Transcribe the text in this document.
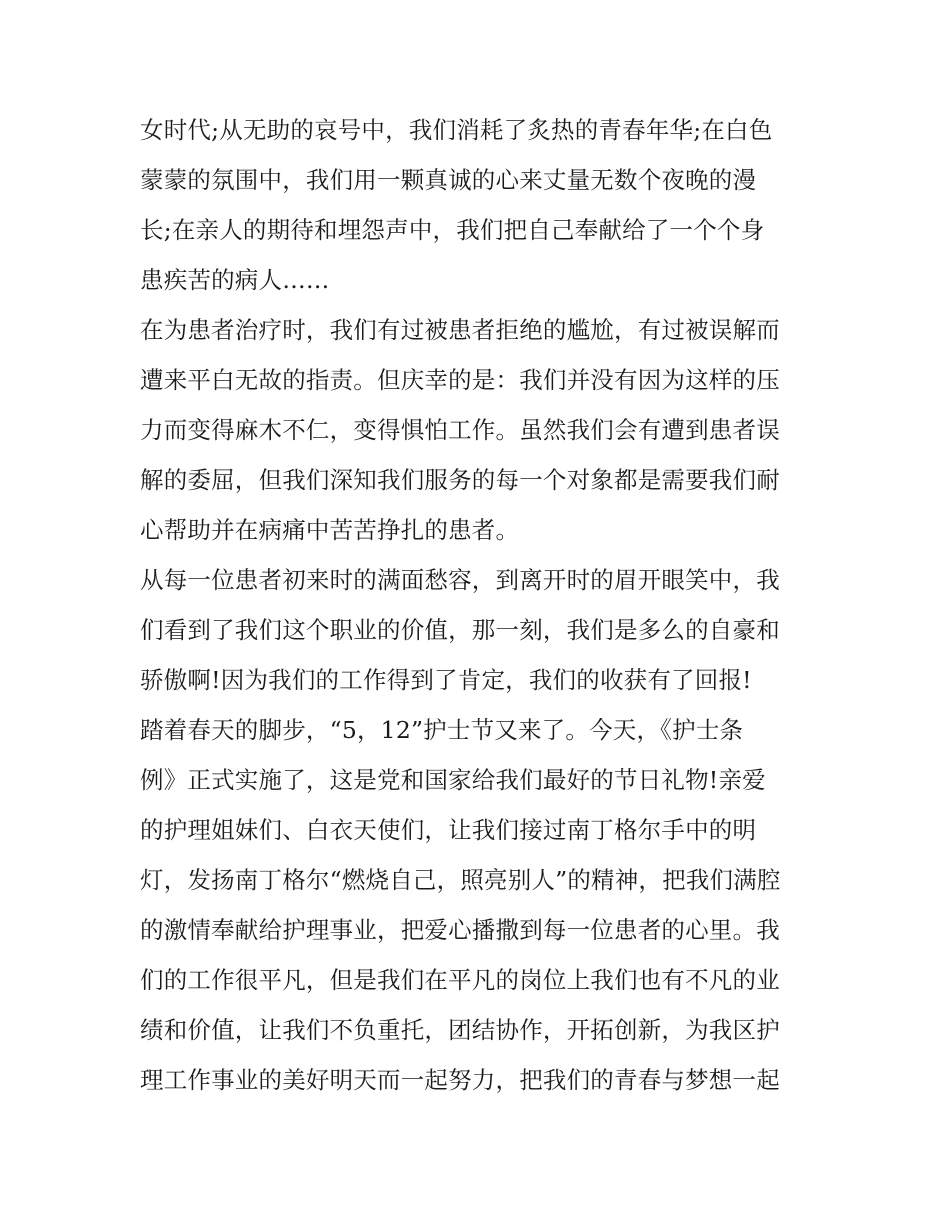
女时代;从无助的哀号中，我们消耗了炙热的青春年华;在白色
蒙蒙的氛围中，我们用一颗真诚的心来丈量无数个夜晚的漫
长;在亲人的期待和埋怨声中，我们把自己奉献给了一个个身
患疾苦的病人……
在为患者治疗时，我们有过被患者拒绝的尴尬，有过被误解而
遭来平白无故的指责。但庆幸的是：我们并没有因为这样的压
力而变得麻木不仁，变得惧怕工作。虽然我们会有遭到患者误
解的委屈，但我们深知我们服务的每一个对象都是需要我们耐
心帮助并在病痛中苦苦挣扎的患者。
从每一位患者初来时的满面愁容，到离开时的眉开眼笑中，我
们看到了我们这个职业的价值，那一刻，我们是多么的自豪和
骄傲啊!因为我们的工作得到了肯定，我们的收获有了回报!
踏着春天的脚步，“5，12”护士节又来了。今天，《护士条
例》正式实施了，这是党和国家给我们最好的节日礼物!亲爱
的护理姐妹们、白衣天使们，让我们接过南丁格尔手中的明
灯，发扬南丁格尔“燃烧自己，照亮别人”的精神，把我们满腔
的激情奉献给护理事业，把爱心播撒到每一位患者的心里。我
们的工作很平凡，但是我们在平凡的岗位上我们也有不凡的业
绩和价值，让我们不负重托，团结协作，开拓创新，为我区护
理工作事业的美好明天而一起努力，把我们的青春与梦想一起
